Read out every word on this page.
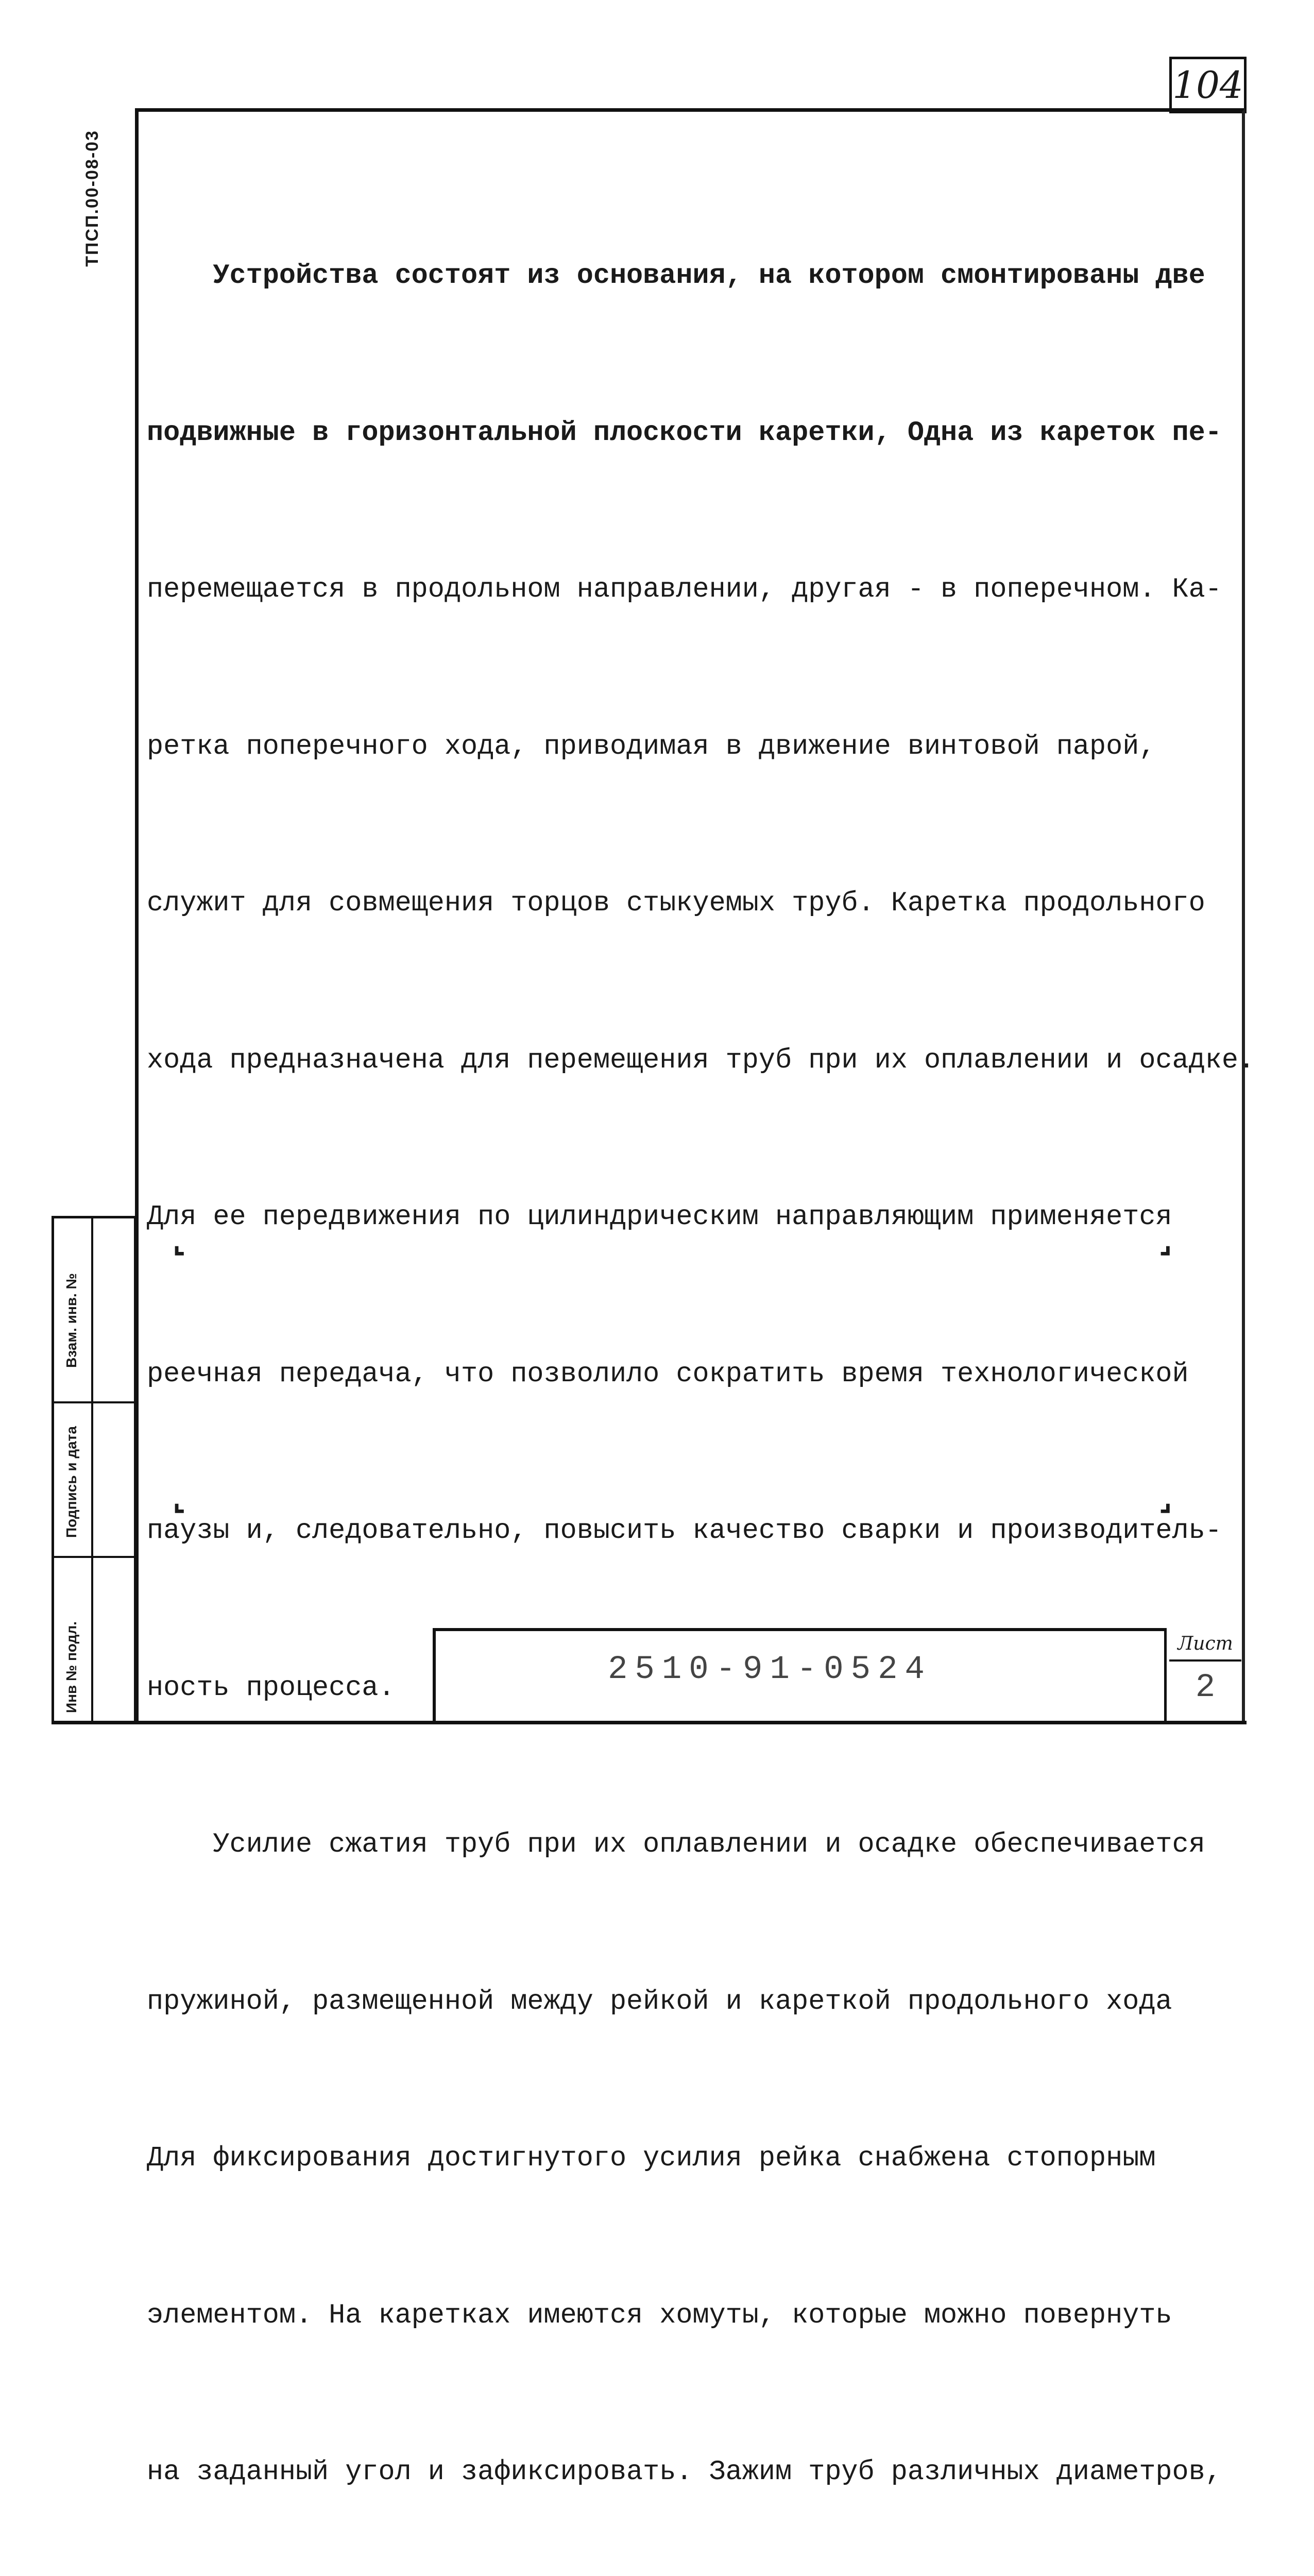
104
ТПСП.00-08-03
Взам. инв. №
Подпись и дата
Инв № подл.

Устройства состоят из основания, на котором смонтированы две

подвижные в горизонтальной плоскости каретки, Одна из кареток пе-

перемещается в продольном направлении, другая - в поперечном. Ка-

ретка поперечного хода, приводимая в движение винтовой парой,

служит для совмещения торцов стыкуемых труб. Каретка продольного

хода предназначена для перемещения труб при их оплавлении и осадке.

Для ее передвижения по цилиндрическим направляющим применяется

реечная передача, что позволило сократить время технологической

паузы и, следовательно, повысить качество сварки и производитель-

ность процесса.

Усилие сжатия труб при их оплавлении и осадке обеспечивается

пружиной, размещенной между рейкой и кареткой продольного хода

Для фиксирования достигнутого усилия рейка снабжена стопорным

элементом. На каретках имеются хомуты, которые можно повернуть

на заданный угол и зафиксировать. Зажим труб различных диаметров,

⌞	⌟
⌞	⌟
2510-91-0524
Лист
2
